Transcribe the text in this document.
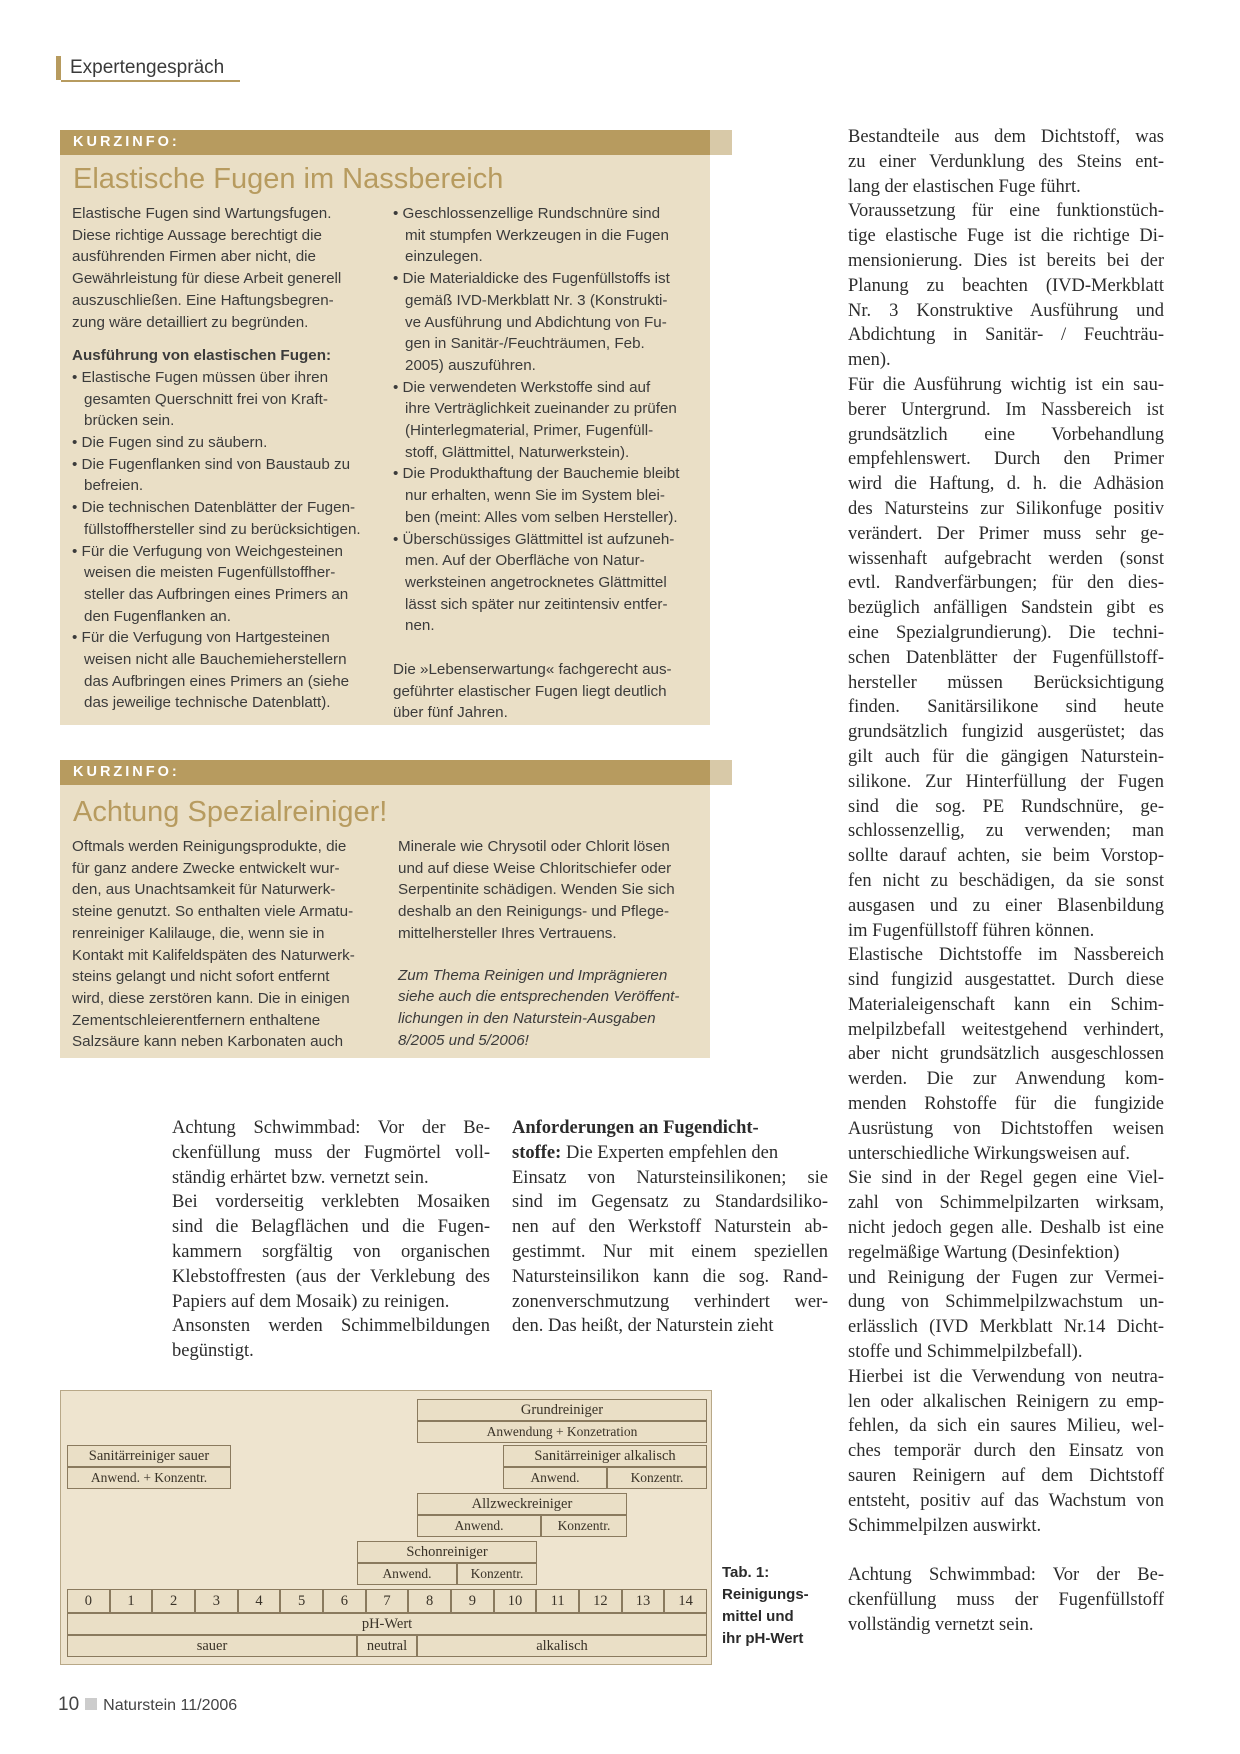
Expertengespräch
KURZINFO:
Elastische Fugen im Nassbereich
Elastische Fugen sind Wartungsfugen.
Diese richtige Aussage berechtigt die
ausführenden Firmen aber nicht, die
Gewährleistung für diese Arbeit generell
auszuschließen. Eine Haftungsbegren-
zung wäre detailliert zu begründen.

Ausführung von elastischen Fugen:

• Elastische Fugen müssen über ihren
gesamten Querschnitt frei von Kraft-
brücken sein.
• Die Fugen sind zu säubern.
• Die Fugenflanken sind von Baustaub zu
befreien.
• Die technischen Datenblätter der Fugen-
füllstoffhersteller sind zu berücksichtigen.
• Für die Verfugung von Weichgesteinen
weisen die meisten Fugenfüllstoffher-
steller das Aufbringen eines Primers an
den Fugenflanken an.
• Für die Verfugung von Hartgesteinen
weisen nicht alle Bauchemieherstellern
das Aufbringen eines Primers an (siehe
das jeweilige technische Datenblatt).
• Geschlossenzellige Rundschnüre sind
mit stumpfen Werkzeugen in die Fugen
einzulegen.
• Die Materialdicke des Fugenfüllstoffs ist
gemäß IVD-Merkblatt Nr. 3 (Konstrukti-
ve Ausführung und Abdichtung von Fu-
gen in Sanitär-/Feuchträumen, Feb.
2005) auszuführen.
• Die verwendeten Werkstoffe sind auf
ihre Verträglichkeit zueinander zu prüfen
(Hinterlegmaterial, Primer, Fugenfüll-
stoff, Glättmittel, Naturwerkstein).
• Die Produkthaftung der Bauchemie bleibt
nur erhalten, wenn Sie im System blei-
ben (meint: Alles vom selben Hersteller).
• Überschüssiges Glättmittel ist aufzuneh-
men. Auf der Oberfläche von Natur-
werksteinen angetrocknetes Glättmittel
lässt sich später nur zeitintensiv entfer-
nen.
Die »Lebenserwartung« fachgerecht aus-
geführter elastischer Fugen liegt deutlich
über fünf Jahren.
KURZINFO:
Achtung Spezialreiniger!
Oftmals werden Reinigungsprodukte, die
für ganz andere Zwecke entwickelt wur-
den, aus Unachtsamkeit für Naturwerk-
steine genutzt. So enthalten viele Armatu-
renreiniger Kalilauge, die, wenn sie in
Kontakt mit Kalifeldspäten des Naturwerk-
steins gelangt und nicht sofort entfernt
wird, diese zerstören kann. Die in einigen
Zementschleierentfernern enthaltene
Salzsäure kann neben Karbonaten auch
Minerale wie Chrysotil oder Chlorit lösen
und auf diese Weise Chloritschiefer oder
Serpentinite schädigen. Wenden Sie sich
deshalb an den Reinigungs- und Pflege-
mittelhersteller Ihres Vertrauens.
Zum Thema Reinigen und Imprägnieren
siehe auch die entsprechenden Veröffent-
lichungen in den Naturstein-Ausgaben
8/2005 und 5/2006!
Achtung Schwimmbad: Vor der Be-
ckenfüllung muss der Fugmörtel voll-
ständig erhärtet bzw. vernetzt sein.
Bei vorderseitig verklebten Mosaiken
sind die Belagflächen und die Fugen-
kammern sorgfältig von organischen
Klebstoffresten (aus der Verklebung des
Papiers auf dem Mosaik) zu reinigen.
Ansonsten werden Schimmelbildungen
begünstigt.
Anforderungen an Fugendicht-
stoffe: Die Experten empfehlen den
Einsatz von Natursteinsilikonen; sie
sind im Gegensatz zu Standardsiliko-
nen auf den Werkstoff Naturstein ab-
gestimmt. Nur mit einem speziellen
Natursteinsilikon kann die sog. Rand-
zonenverschmutzung verhindert wer-
den. Das heißt, der Naturstein zieht
Bestandteile aus dem Dichtstoff, was
zu einer Verdunklung des Steins ent-
lang der elastischen Fuge führt.
Voraussetzung für eine funktionstüch-
tige elastische Fuge ist die richtige Di-
mensionierung. Dies ist bereits bei der
Planung zu beachten (IVD-Merkblatt
Nr. 3 Konstruktive Ausführung und
Abdichtung in Sanitär- / Feuchträu-
men).
Für die Ausführung wichtig ist ein sau-
berer Untergrund. Im Nassbereich ist
grundsätzlich eine Vorbehandlung
empfehlenswert. Durch den Primer
wird die Haftung, d. h. die Adhäsion
des Natursteins zur Silikonfuge positiv
verändert. Der Primer muss sehr ge-
wissenhaft aufgebracht werden (sonst
evtl. Randverfärbungen; für den dies-
bezüglich anfälligen Sandstein gibt es
eine Spezialgrundierung). Die techni-
schen Datenblätter der Fugenfüllstoff-
hersteller müssen Berücksichtigung
finden. Sanitärsilikone sind heute
grundsätzlich fungizid ausgerüstet; das
gilt auch für die gängigen Naturstein-
silikone. Zur Hinterfüllung der Fugen
sind die sog. PE Rundschnüre, ge-
schlossenzellig, zu verwenden; man
sollte darauf achten, sie beim Vorstop-
fen nicht zu beschädigen, da sie sonst
ausgasen und zu einer Blasenbildung
im Fugenfüllstoff führen können.
Elastische Dichtstoffe im Nassbereich
sind fungizid ausgestattet. Durch diese
Materialeigenschaft kann ein Schim-
melpilzbefall weitestgehend verhindert,
aber nicht grundsätzlich ausgeschlossen
werden. Die zur Anwendung kom-
menden Rohstoffe für die fungizide
Ausrüstung von Dichtstoffen weisen
unterschiedliche Wirkungsweisen auf.
Sie sind in der Regel gegen eine Viel-
zahl von Schimmelpilzarten wirksam,
nicht jedoch gegen alle. Deshalb ist eine
regelmäßige Wartung (Desinfektion)
und Reinigung der Fugen zur Vermei-
dung von Schimmelpilzwachstum un-
erlässlich (IVD Merkblatt Nr.14 Dicht-
stoffe und Schimmelpilzbefall).
Hierbei ist die Verwendung von neutra-
len oder alkalischen Reinigern zu emp-
fehlen, da sich ein saures Milieu, wel-
ches temporär durch den Einsatz von
sauren Reinigern auf dem Dichtstoff
entsteht, positiv auf das Wachstum von
Schimmelpilzen auswirkt.
Achtung Schwimmbad: Vor der Be-
ckenfüllung muss der Fugenfüllstoff
vollständig vernetzt sein.
Grundreiniger
Anwendung + Konzetration
Sanitärreiniger sauer
Anwend. + Konzentr.
Sanitärreiniger alkalisch
Anwend.	Konzentr.
Allzweckreiniger
Anwend.	Konzentr.
Schonreiniger
Anwend.	Konzentr.
0	1	2	3	4	5	6	7	8	9	10	11	12	13	14
pH-Wert
sauer	neutral	alkalisch
Tab. 1:
Reinigungs-
mittel und
ihr pH-Wert
10 Naturstein 11/2006
